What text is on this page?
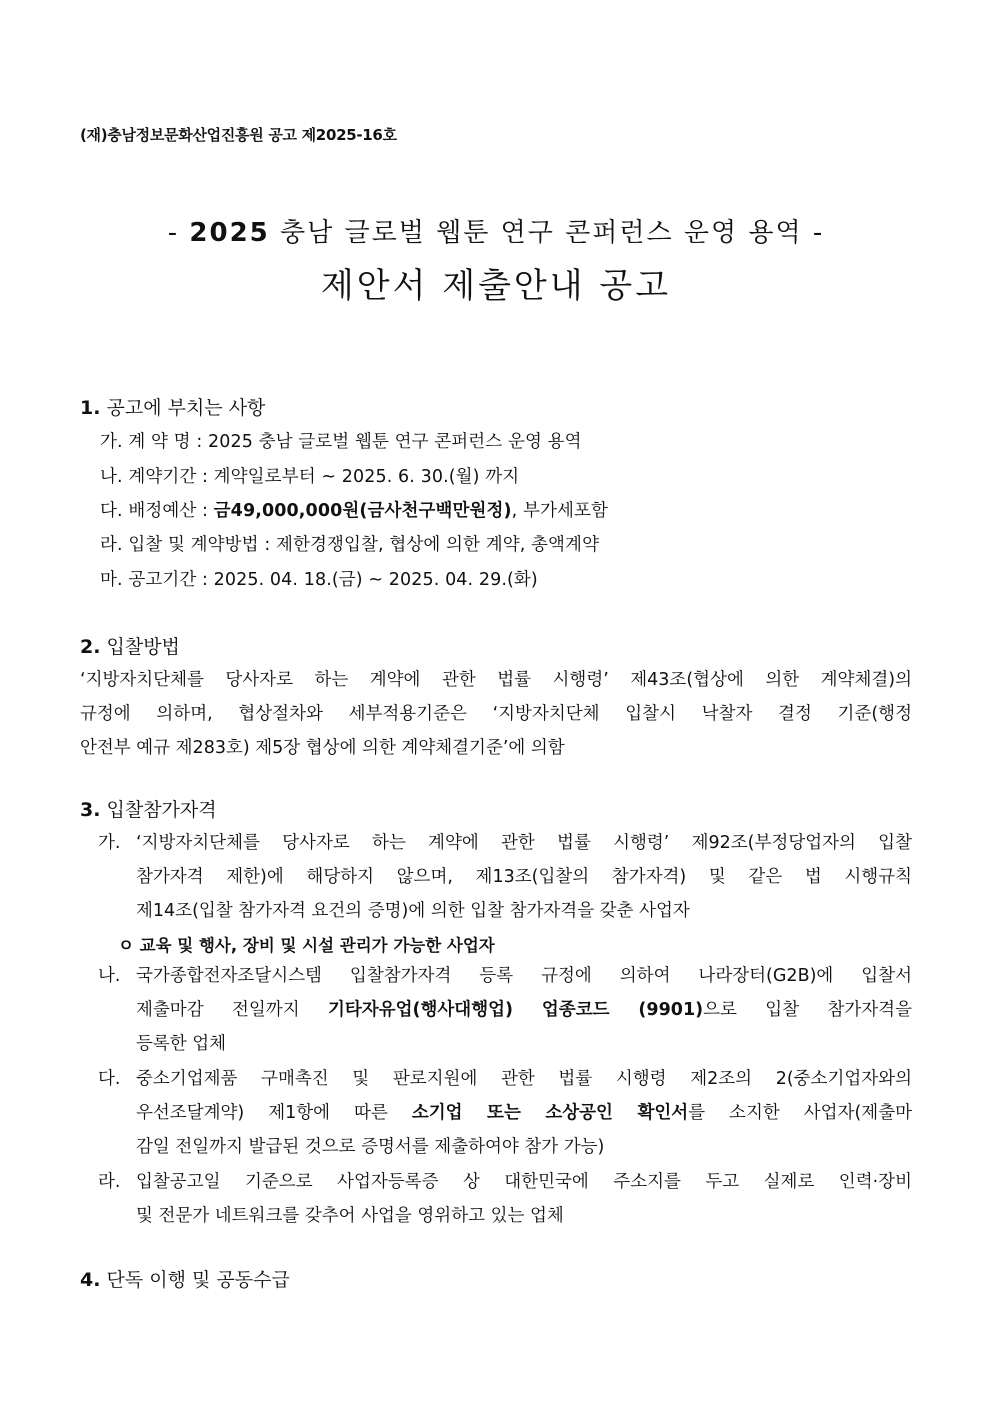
(재)충남정보문화산업진흥원 공고 제2025-16호
- 2025 충남 글로벌 웹툰 연구 콘퍼런스 운영 용역 -
제안서 제출안내 공고
1. 공고에 부치는 사항
가. 계 약 명 : 2025 충남 글로벌 웹툰 연구 콘퍼런스 운영 용역
나. 계약기간 : 계약일로부터 ~ 2025. 6. 30.(월) 까지
다. 배정예산 : 금49,000,000원(금사천구백만원정), 부가세포함
라. 입찰 및 계약방법 : 제한경쟁입찰, 협상에 의한 계약, 총액계약
마. 공고기간 : 2025. 04. 18.(금) ~ 2025. 04. 29.(화)
2. 입찰방법
‘지방자치단체를 당사자로 하는 계약에 관한 법률 시행령’ 제43조(협상에 의한 계약체결)의
규정에 의하며, 협상절차와 세부적용기준은 ‘지방자치단체 입찰시 낙찰자 결정 기준(행정
안전부 예규 제283호) 제5장 협상에 의한 계약체결기준’에 의함
3. 입찰참가자격
가. ‘지방자치단체를 당사자로 하는 계약에 관한 법률 시행령’ 제92조(부정당업자의 입찰
참가자격 제한)에 해당하지 않으며, 제13조(입찰의 참가자격) 및 같은 법 시행규칙
제14조(입찰 참가자격 요건의 증명)에 의한 입찰 참가자격을 갖춘 사업자
ㅇ 교육 및 행사, 장비 및 시설 관리가 가능한 사업자
나. 국가종합전자조달시스템 입찰참가자격 등록 규정에 의하여 나라장터(G2B)에 입찰서
제출마감 전일까지 기타자유업(행사대행업) 업종코드 (9901)으로 입찰 참가자격을
등록한 업체
다. 중소기업제품 구매촉진 및 판로지원에 관한 법률 시행령 제2조의 2(중소기업자와의
우선조달계약) 제1항에 따른 소기업 또는 소상공인 확인서를 소지한 사업자(제출마
감일 전일까지 발급된 것으로 증명서를 제출하여야 참가 가능)
라. 입찰공고일 기준으로 사업자등록증 상 대한민국에 주소지를 두고 실제로 인력·장비
및 전문가 네트워크를 갖추어 사업을 영위하고 있는 업체
4. 단독 이행 및 공동수급
